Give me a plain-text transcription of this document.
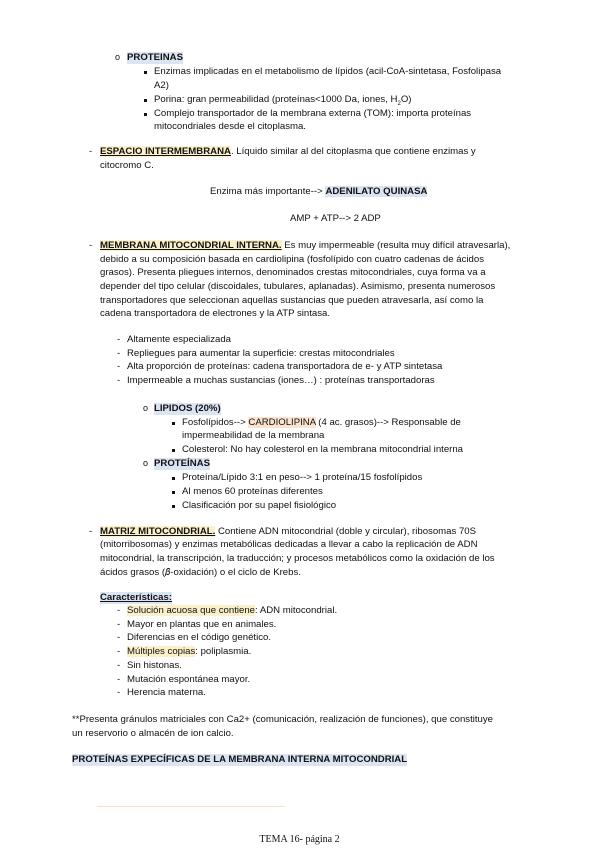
o PROTEINAS
Enzimas implicadas en el metabolismo de lípidos (acil-CoA-sintetasa, Fosfolipasa
A2)
Porina: gran permeabilidad (proteínas<1000 Da, iones, $H_2O$)
Complejo transportador de la membrana externa (TOM): importa proteínas
mitocondriales desde el citoplasma.
- ESPACIO INTERMEMBRANA. Líquido similar al del citoplasma que contiene enzimas y
citocromo C.
Enzima más importante--> ADENILATO QUINASA
AMP + ATP--> 2 ADP
- MEMBRANA MITOCONDRIAL INTERNA. Es muy impermeable (resulta muy difícil atravesarla),
debido a su composición basada en cardiolipina (fosfolípido con cuatro cadenas de ácidos
grasos). Presenta pliegues internos, denominados crestas mitocondriales, cuya forma va a
depender del tipo celular (discoidales, tubulares, aplanadas). Asimismo, presenta numerosos
transportadores que seleccionan aquellas sustancias que pueden atravesarla, así como la
cadena transportadora de electrones y la ATP sintasa.
- Altamente especializada
- Repliegues para aumentar la superficie: crestas mitocondriales
- Alta proporción de proteínas: cadena transportadora de e- y ATP sintetasa
- Impermeable a muchas sustancias (iones…) : proteínas transportadoras
o LIPIDOS (20%)
Fosfolípidos--> CARDIOLIPINA (4 ac. grasos)--> Responsable de
impermeabilidad de la membrana
Colesterol: No hay colesterol en la membrana mitocondrial interna
o PROTEÍNAS
Proteína/Lípido 3:1 en peso--> 1 proteína/15 fosfolípidos
Al menos 60 proteínas diferentes
Clasificación por su papel fisiológico
- MATRIZ MITOCONDRIAL. Contiene ADN mitocondrial (doble y circular), ribosomas 70S
(mitorribosomas) y enzimas metabólicas dedicadas a llevar a cabo la replicación de ADN
mitocondrial, la transcripción, la traducción; y procesos metabólicos como la oxidación de los
ácidos grasos (𝛽-oxidación) o el ciclo de Krebs.
Características:
- Solución acuosa que contiene: ADN mitocondrial.
- Mayor en plantas que en animales.
- Diferencias en el código genético.
- Múltiples copias: poliplasmia.
- Sin histonas.
- Mutación espontánea mayor.
- Herencia materna.
**Presenta gránulos matriciales con Ca2+ (comunicación, realización de funciones), que constituye
un reservorio o almacén de ion calcio.
PROTEÍNAS EXPECÍFICAS DE LA MEMBRANA INTERNA MITOCONDRIAL
TEMA 16- página 2
